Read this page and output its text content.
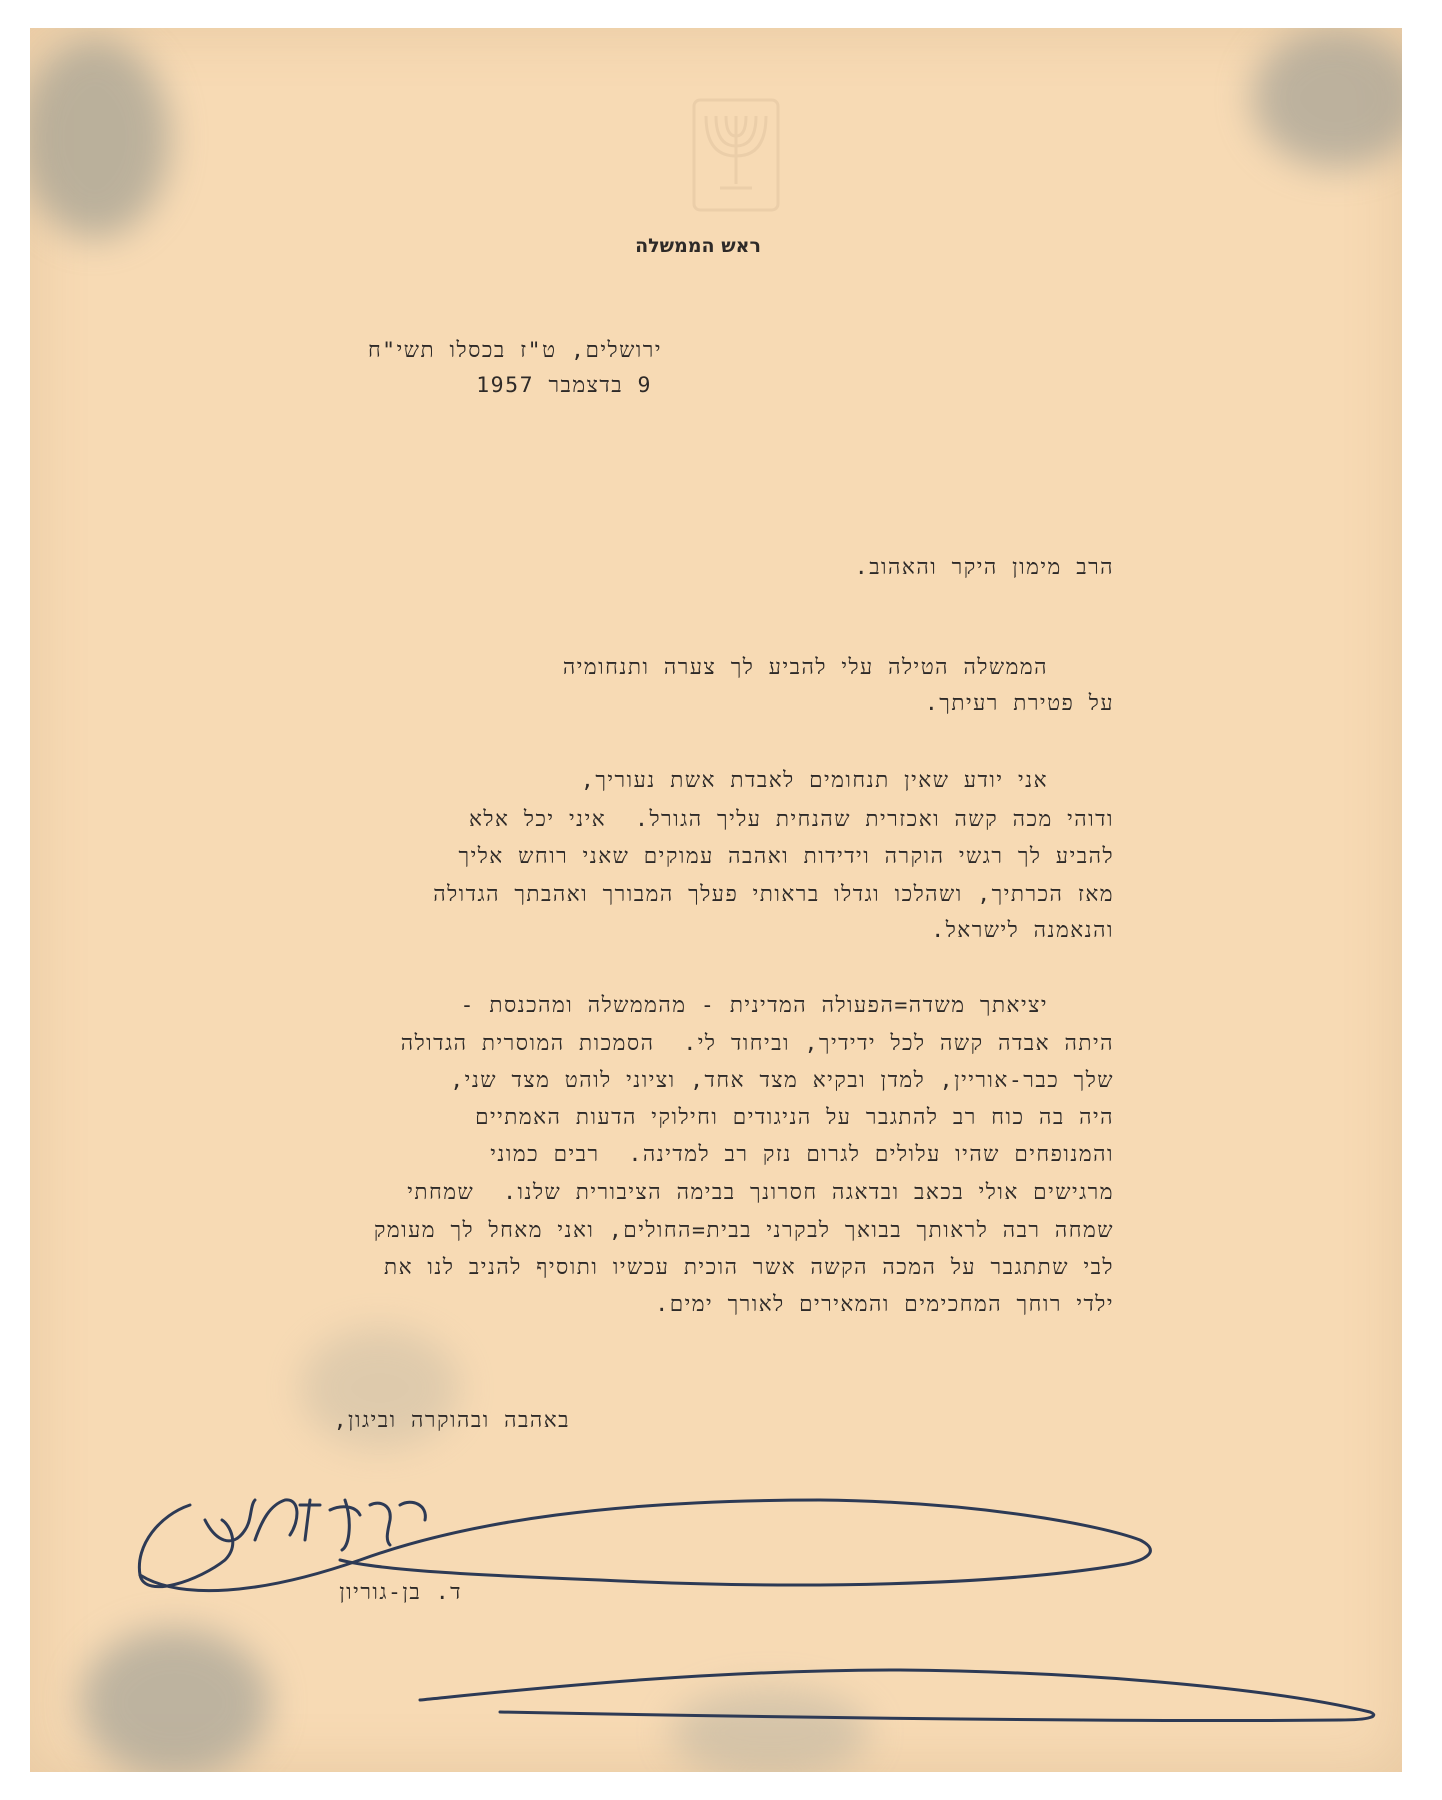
ראש הממשלה
ירושלים, ט"ז בכסלו תשי"ח
9 בדצמבר 1957
הרב מימון היקר והאהוב.
הממשלה הטילה עלי להביע לך צערה ותנחומיה
על פטירת רעיתך.
אני יודע שאין תנחומים לאבדת אשת נעוריך,
ודוהי מכה קשה ואכזרית שהנחית עליך הגורל.  איני יכל אלא
להביע לך רגשי הוקרה וידידות ואהבה עמוקים שאני רוחש אליך
מאז הכרתיך, ושהלכו וגדלו בראותי פעלך המבורך ואהבתך הגדולה
והנאמנה לישראל.
יציאתך משדה=הפעולה המדינית - מהממשלה ומהכנסת -
היתה אבדה קשה לכל ידידיך, וביחוד לי.  הסמכות המוסרית הגדולה
שלך כבר-אוריין, למדן ובקיא מצד אחד, וציוני לוהט מצד שני,
היה בה כוח רב להתגבר על הניגודים וחילוקי הדעות האמתיים
והמנופחים שהיו עלולים לגרום נזק רב למדינה.  רבים כמוני
מרגישים אולי בכאב ובדאגה חסרונך בבימה הציבורית שלנו.  שמחתי
שמחה רבה לראותך בבואך לבקרני בבית=החולים, ואני מאחל לך מעומק
לבי שתתגבר על המכה הקשה אשר הוכית עכשיו ותוסיף להניב לנו את
ילדי רוחך המחכימים והמאירים לאורך ימים.
באהבה ובהוקרה וביגון,
ד. בן-גוריון
